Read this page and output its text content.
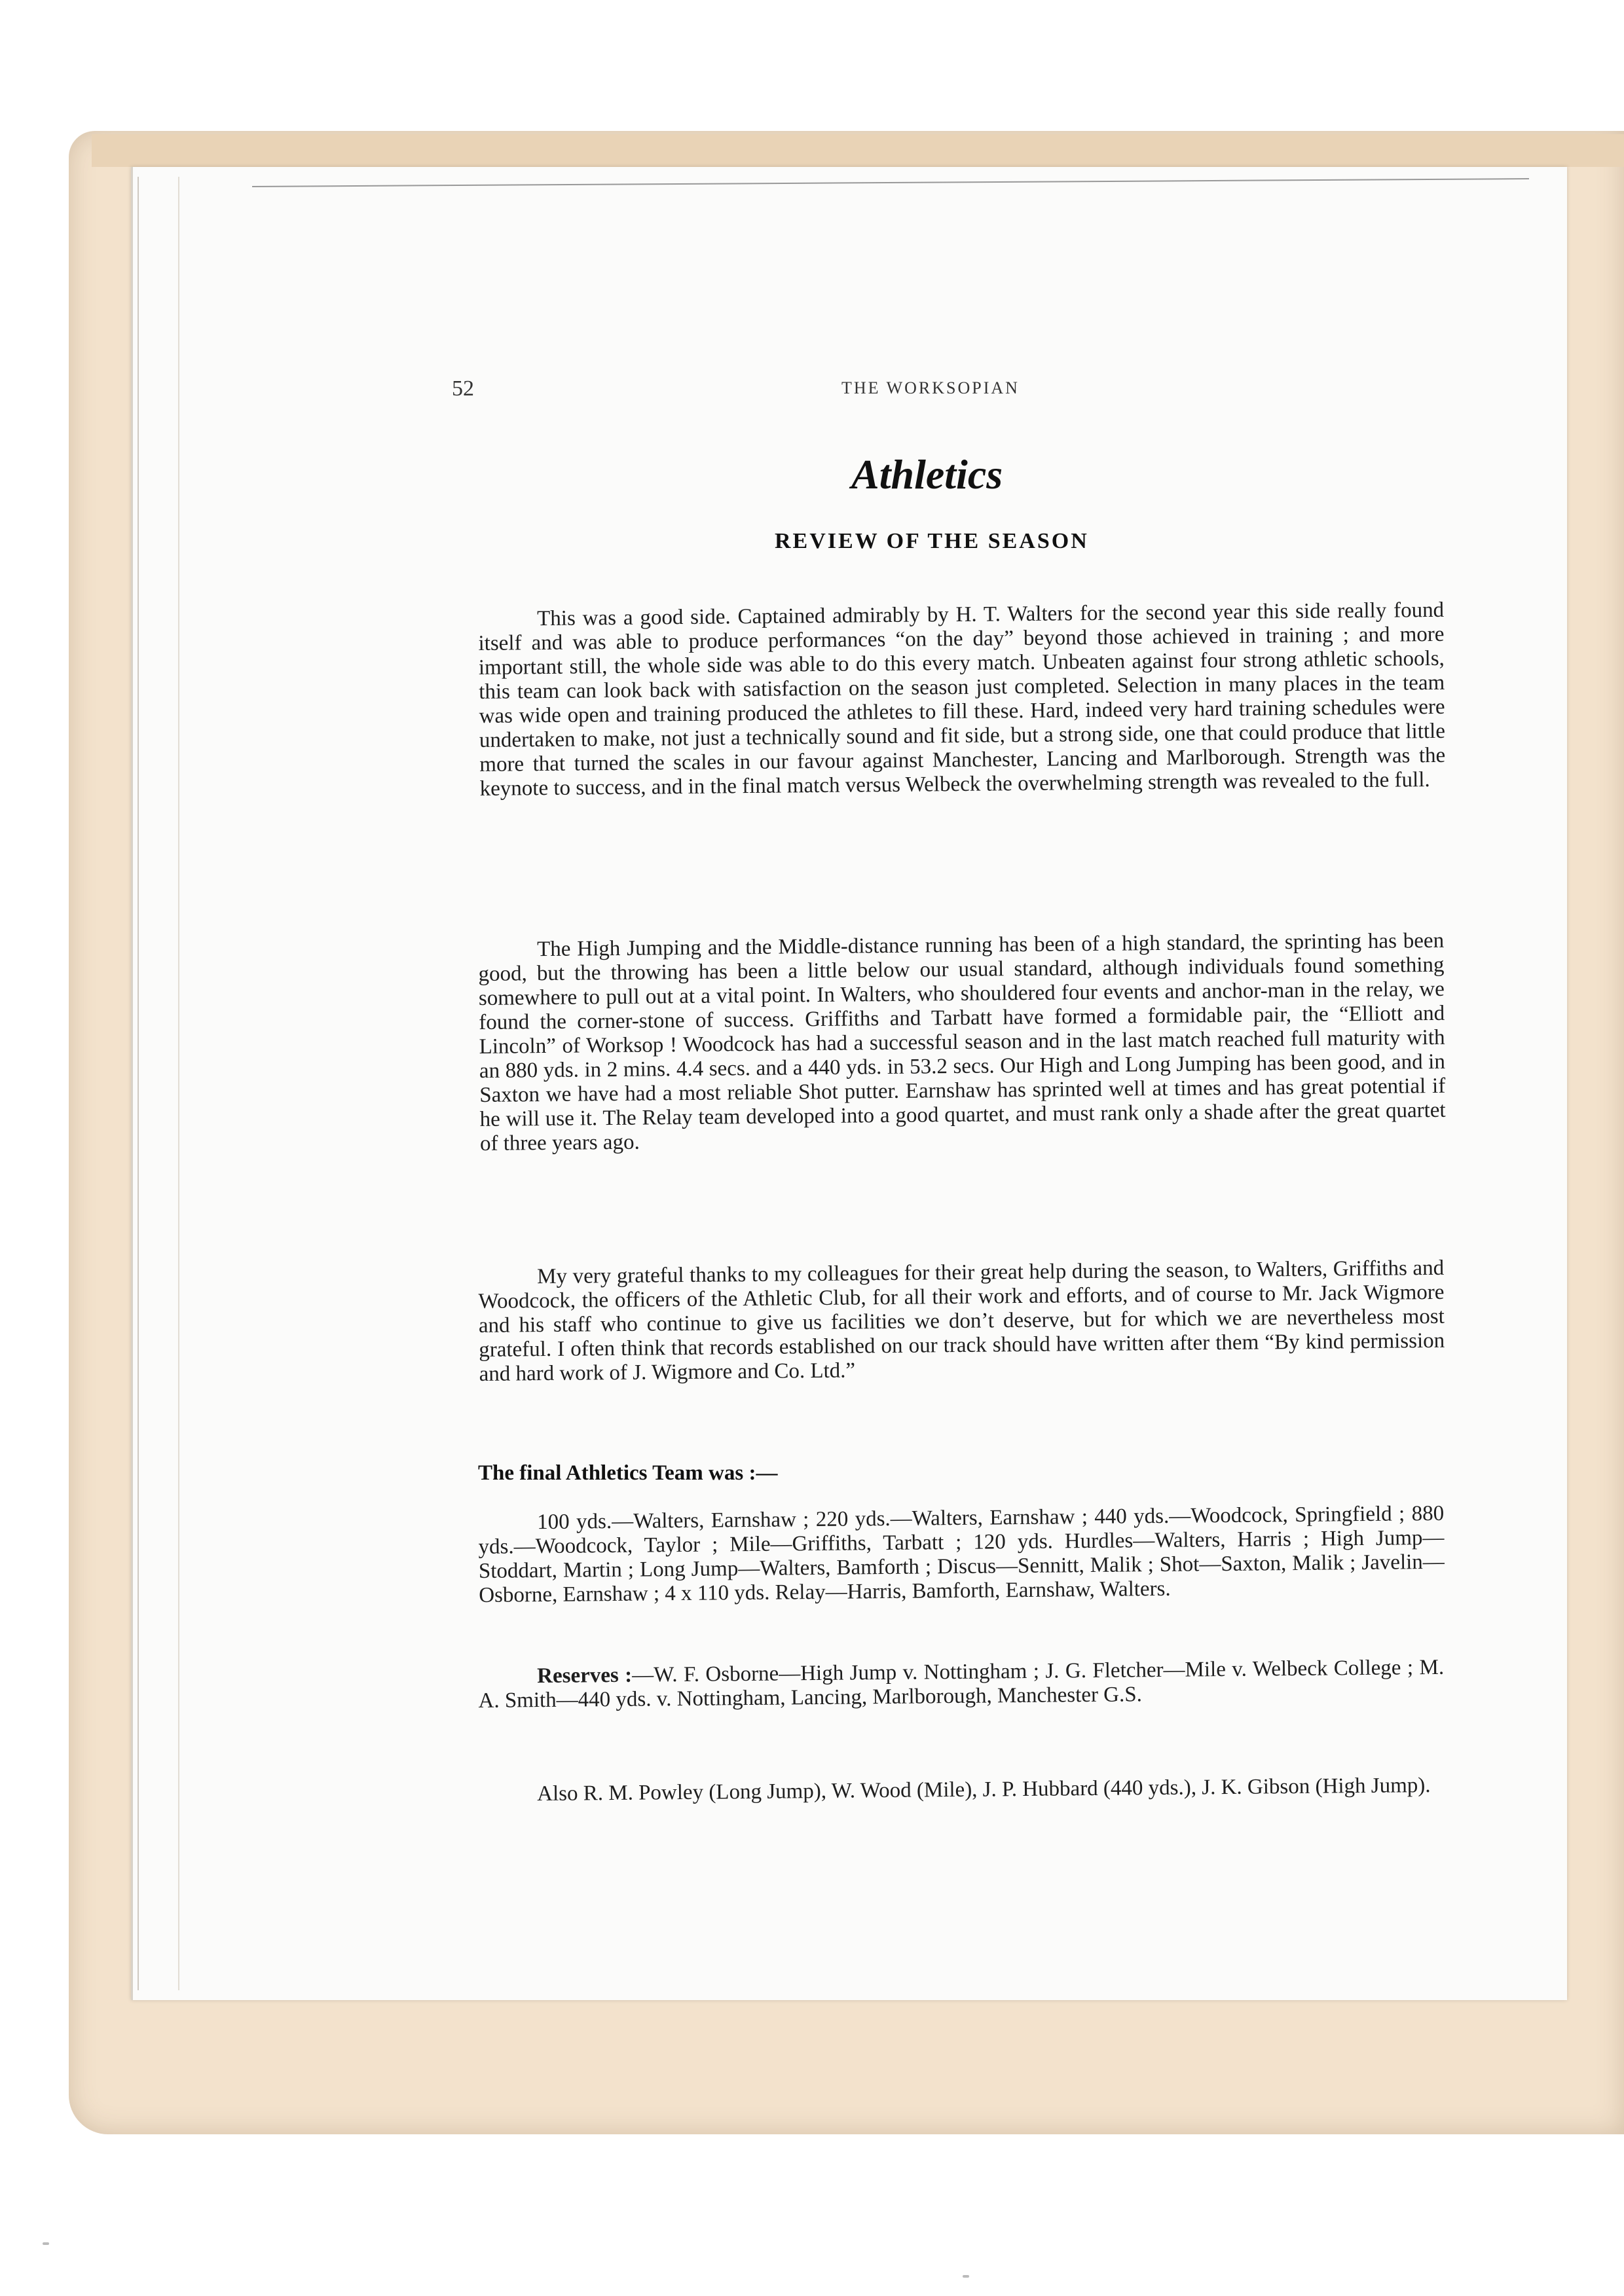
52	THE WORKSOPIAN
Athletics
REVIEW OF THE SEASON

This was a good side. Captained admirably by H. T. Walters for the second year this side really found itself and was able to produce performances “on the day” beyond those achieved in training ; and more important still, the whole side was able to do this every match. Unbeaten against four strong athletic schools, this team can look back with satisfaction on the season just completed. Selection in many places in the team was wide open and training produced the athletes to fill these. Hard, indeed very hard training schedules were undertaken to make, not just a technically sound and fit side, but a strong side, one that could produce that little more that turned the scales in our favour against Manchester, Lancing and Marlborough. Strength was the keynote to success, and in the final match versus Welbeck the overwhelming strength was revealed to the full.

The High Jumping and the Middle-distance running has been of a high standard, the sprinting has been good, but the throwing has been a little below our usual standard, although individuals found something somewhere to pull out at a vital point. In Walters, who shouldered four events and anchor-man in the relay, we found the corner-stone of success. Griffiths and Tarbatt have formed a formidable pair, the “Elliott and Lincoln” of Worksop ! Woodcock has had a successful season and in the last match reached full maturity with an 880 yds. in 2 mins. 4.4 secs. and a 440 yds. in 53.2 secs. Our High and Long Jumping has been good, and in Saxton we have had a most reliable Shot putter. Earnshaw has sprinted well at times and has great potential if he will use it. The Relay team developed into a good quartet, and must rank only a shade after the great quartet of three years ago.

My very grateful thanks to my colleagues for their great help during the season, to Walters, Griffiths and Woodcock, the officers of the Athletic Club, for all their work and efforts, and of course to Mr. Jack Wigmore and his staff who continue to give us facilities we don’t deserve, but for which we are nevertheless most grateful. I often think that records established on our track should have written after them “By kind permission and hard work of J. Wigmore and Co. Ltd.”

The final Athletics Team was :—

100 yds.—Walters, Earnshaw ; 220 yds.—Walters, Earnshaw ; 440 yds.—Woodcock, Springfield ; 880 yds.—Woodcock, Taylor ; Mile—Griffiths, Tarbatt ; 120 yds. Hurdles—Walters, Harris ; High Jump—Stoddart, Martin ; Long Jump—Walters, Bamforth ; Discus—Sennitt, Malik ; Shot—Saxton, Malik ; Javelin—Osborne, Earnshaw ; 4 x 110 yds. Relay—Harris, Bamforth, Earnshaw, Walters.

Reserves :—W. F. Osborne—High Jump v. Nottingham ; J. G. Fletcher—Mile v. Welbeck College ; M. A. Smith—440 yds. v. Nottingham, Lancing, Marlborough, Manchester G.S.

Also R. M. Powley (Long Jump), W. Wood (Mile), J. P. Hubbard (440 yds.), J. K. Gibson (High Jump).
